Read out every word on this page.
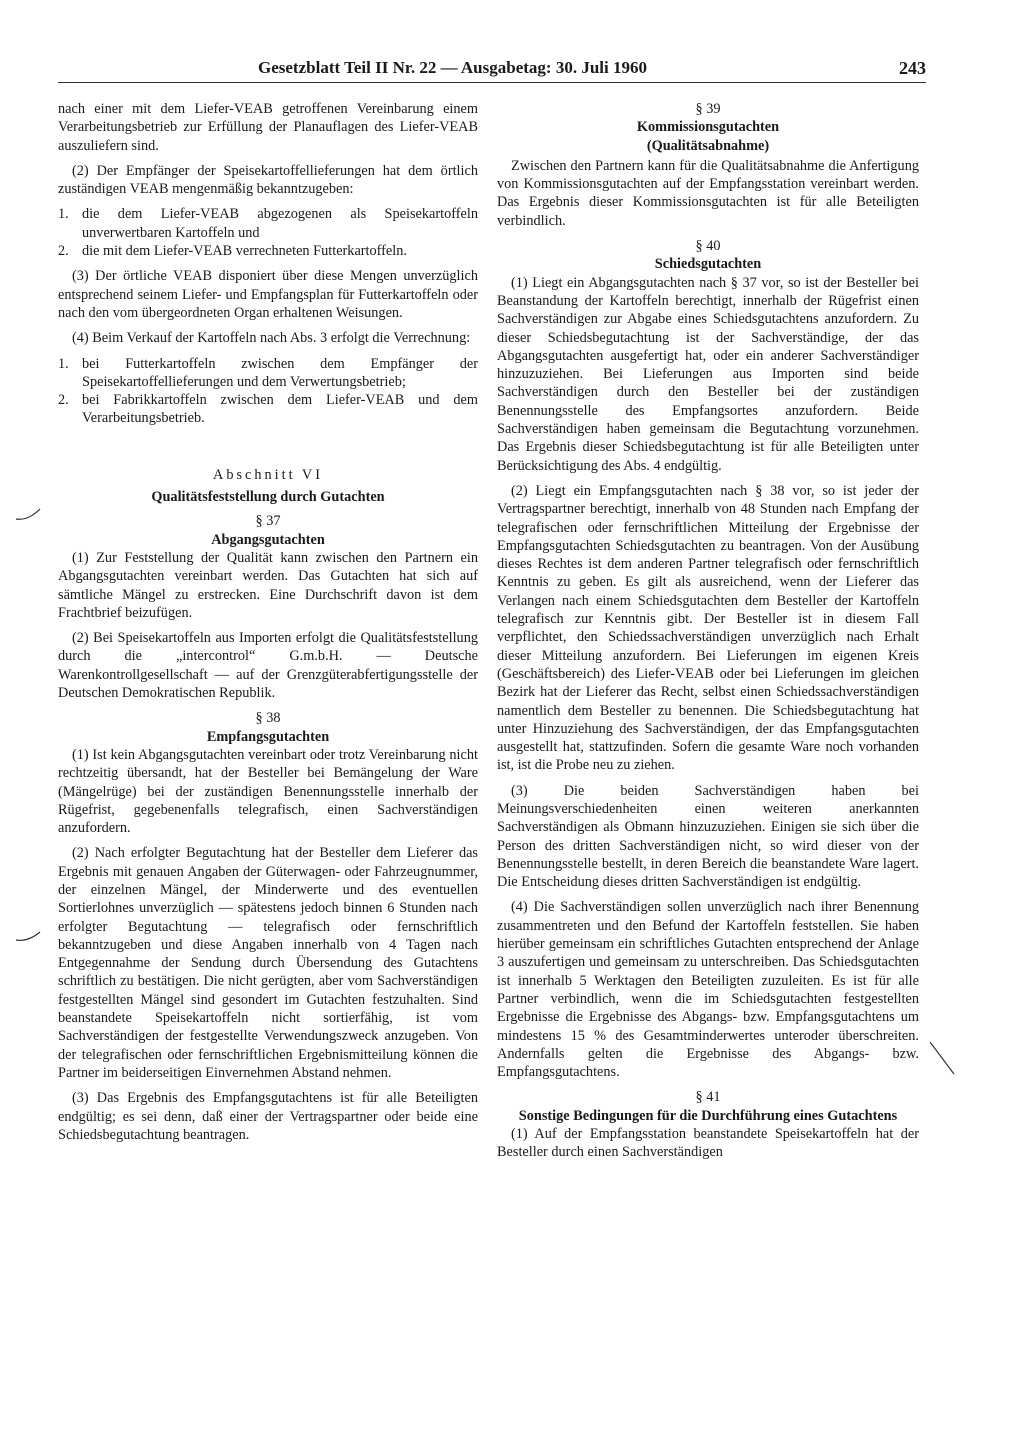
Gesetzblatt Teil II Nr. 22 — Ausgabetag: 30. Juli 1960	243

nach einer mit dem Liefer-VEAB getroffenen Vereinbarung einem Verarbeitungsbetrieb zur Erfüllung der Planauflagen des Liefer-VEAB auszuliefern sind.

(2) Der Empfänger der Speisekartoffellieferungen hat dem örtlich zuständigen VEAB mengenmäßig bekanntzugeben:

1. die dem Liefer-VEAB abgezogenen als Speisekartoffeln unverwertbaren Kartoffeln und
2. die mit dem Liefer-VEAB verrechneten Futterkartoffeln.

(3) Der örtliche VEAB disponiert über diese Mengen unverzüglich entsprechend seinem Liefer- und Empfangsplan für Futterkartoffeln oder nach den vom übergeordneten Organ erhaltenen Weisungen.

(4) Beim Verkauf der Kartoffeln nach Abs. 3 erfolgt die Verrechnung:

1. bei Futterkartoffeln zwischen dem Empfänger der Speisekartoffellieferungen und dem Verwertungsbetrieb;
2. bei Fabrikkartoffeln zwischen dem Liefer-VEAB und dem Verarbeitungsbetrieb.
Abschnitt VI
Qualitätsfeststellung durch Gutachten
§ 37
Abgangsgutachten

(1) Zur Feststellung der Qualität kann zwischen den Partnern ein Abgangsgutachten vereinbart werden. Das Gutachten hat sich auf sämtliche Mängel zu erstrecken. Eine Durchschrift davon ist dem Frachtbrief beizufügen.

(2) Bei Speisekartoffeln aus Importen erfolgt die Qualitätsfeststellung durch die „intercontrol“ G.m.b.H. — Deutsche Warenkontrollgesellschaft — auf der Grenzgüterabfertigungsstelle der Deutschen Demokratischen Republik.

§ 38
Empfangsgutachten

(1) Ist kein Abgangsgutachten vereinbart oder trotz Vereinbarung nicht rechtzeitig übersandt, hat der Besteller bei Bemängelung der Ware (Mängelrüge) bei der zuständigen Benennungsstelle innerhalb der Rügefrist, gegebenenfalls telegrafisch, einen Sachverständigen anzufordern.

(2) Nach erfolgter Begutachtung hat der Besteller dem Lieferer das Ergebnis mit genauen Angaben der Güterwagen- oder Fahrzeugnummer, der einzelnen Mängel, der Minderwerte und des eventuellen Sortierlohnes unverzüglich — spätestens jedoch binnen 6 Stunden nach erfolgter Begutachtung — telegrafisch oder fernschriftlich bekanntzugeben und diese Angaben innerhalb von 4 Tagen nach Entgegennahme der Sendung durch Übersendung des Gutachtens schriftlich zu bestätigen. Die nicht gerügten, aber vom Sachverständigen festgestellten Mängel sind gesondert im Gutachten festzuhalten. Sind beanstandete Speisekartoffeln nicht sortierfähig, ist vom Sachverständigen der festgestellte Verwendungszweck anzugeben. Von der telegrafischen oder fernschriftlichen Ergebnismitteilung können die Partner im beiderseitigen Einvernehmen Abstand nehmen.

(3) Das Ergebnis des Empfangsgutachtens ist für alle Beteiligten endgültig; es sei denn, daß einer der Vertragspartner oder beide eine Schiedsbegutachtung beantragen.

§ 39
Kommissionsgutachten
(Qualitätsabnahme)

Zwischen den Partnern kann für die Qualitätsabnahme die Anfertigung von Kommissionsgutachten auf der Empfangsstation vereinbart werden. Das Ergebnis dieser Kommissionsgutachten ist für alle Beteiligten verbindlich.

§ 40
Schiedsgutachten

(1) Liegt ein Abgangsgutachten nach § 37 vor, so ist der Besteller bei Beanstandung der Kartoffeln berechtigt, innerhalb der Rügefrist einen Sachverständigen zur Abgabe eines Schiedsgutachtens anzufordern. Zu dieser Schiedsbegutachtung ist der Sachverständige, der das Abgangsgutachten ausgefertigt hat, oder ein anderer Sachverständiger hinzuzuziehen. Bei Lieferungen aus Importen sind beide Sachverständigen durch den Besteller bei der zuständigen Benennungsstelle des Empfangsortes anzufordern. Beide Sachverständigen haben gemeinsam die Begutachtung vorzunehmen. Das Ergebnis dieser Schiedsbegutachtung ist für alle Beteiligten unter Berücksichtigung des Abs. 4 endgültig.

(2) Liegt ein Empfangsgutachten nach § 38 vor, so ist jeder der Vertragspartner berechtigt, innerhalb von 48 Stunden nach Empfang der telegrafischen oder fernschriftlichen Mitteilung der Ergebnisse der Empfangsgutachten Schiedsgutachten zu beantragen. Von der Ausübung dieses Rechtes ist dem anderen Partner telegrafisch oder fernschriftlich Kenntnis zu geben. Es gilt als ausreichend, wenn der Lieferer das Verlangen nach einem Schiedsgutachten dem Besteller der Kartoffeln telegrafisch zur Kenntnis gibt. Der Besteller ist in diesem Fall verpflichtet, den Schiedssachverständigen unverzüglich nach Erhalt dieser Mitteilung anzufordern. Bei Lieferungen im eigenen Kreis (Geschäftsbereich) des Liefer-VEAB oder bei Lieferungen im gleichen Bezirk hat der Lieferer das Recht, selbst einen Schiedssachverständigen namentlich dem Besteller zu benennen. Die Schiedsbegutachtung hat unter Hinzuziehung des Sachverständigen, der das Empfangsgutachten ausgestellt hat, stattzufinden. Sofern die gesamte Ware noch vorhanden ist, ist die Probe neu zu ziehen.

(3) Die beiden Sachverständigen haben bei Meinungsverschiedenheiten einen weiteren anerkannten Sachverständigen als Obmann hinzuzuziehen. Einigen sie sich über die Person des dritten Sachverständigen nicht, so wird dieser von der Benennungsstelle bestellt, in deren Bereich die beanstandete Ware lagert. Die Entscheidung dieses dritten Sachverständigen ist endgültig.

(4) Die Sachverständigen sollen unverzüglich nach ihrer Benennung zusammentreten und den Befund der Kartoffeln feststellen. Sie haben hierüber gemeinsam ein schriftliches Gutachten entsprechend der Anlage 3 auszufertigen und gemeinsam zu unterschreiben. Das Schiedsgutachten ist innerhalb 5 Werktagen den Beteiligten zuzuleiten. Es ist für alle Partner verbindlich, wenn die im Schiedsgutachten festgestellten Ergebnisse die Ergebnisse des Abgangs- bzw. Empfangsgutachtens um mindestens 15 % des Gesamtminderwertes unteroder überschreiten. Andernfalls gelten die Ergebnisse des Abgangs- bzw. Empfangsgutachtens.

§ 41
Sonstige Bedingungen für die Durchführung eines Gutachtens

(1) Auf der Empfangsstation beanstandete Speisekartoffeln hat der Besteller durch einen Sachverständigen
